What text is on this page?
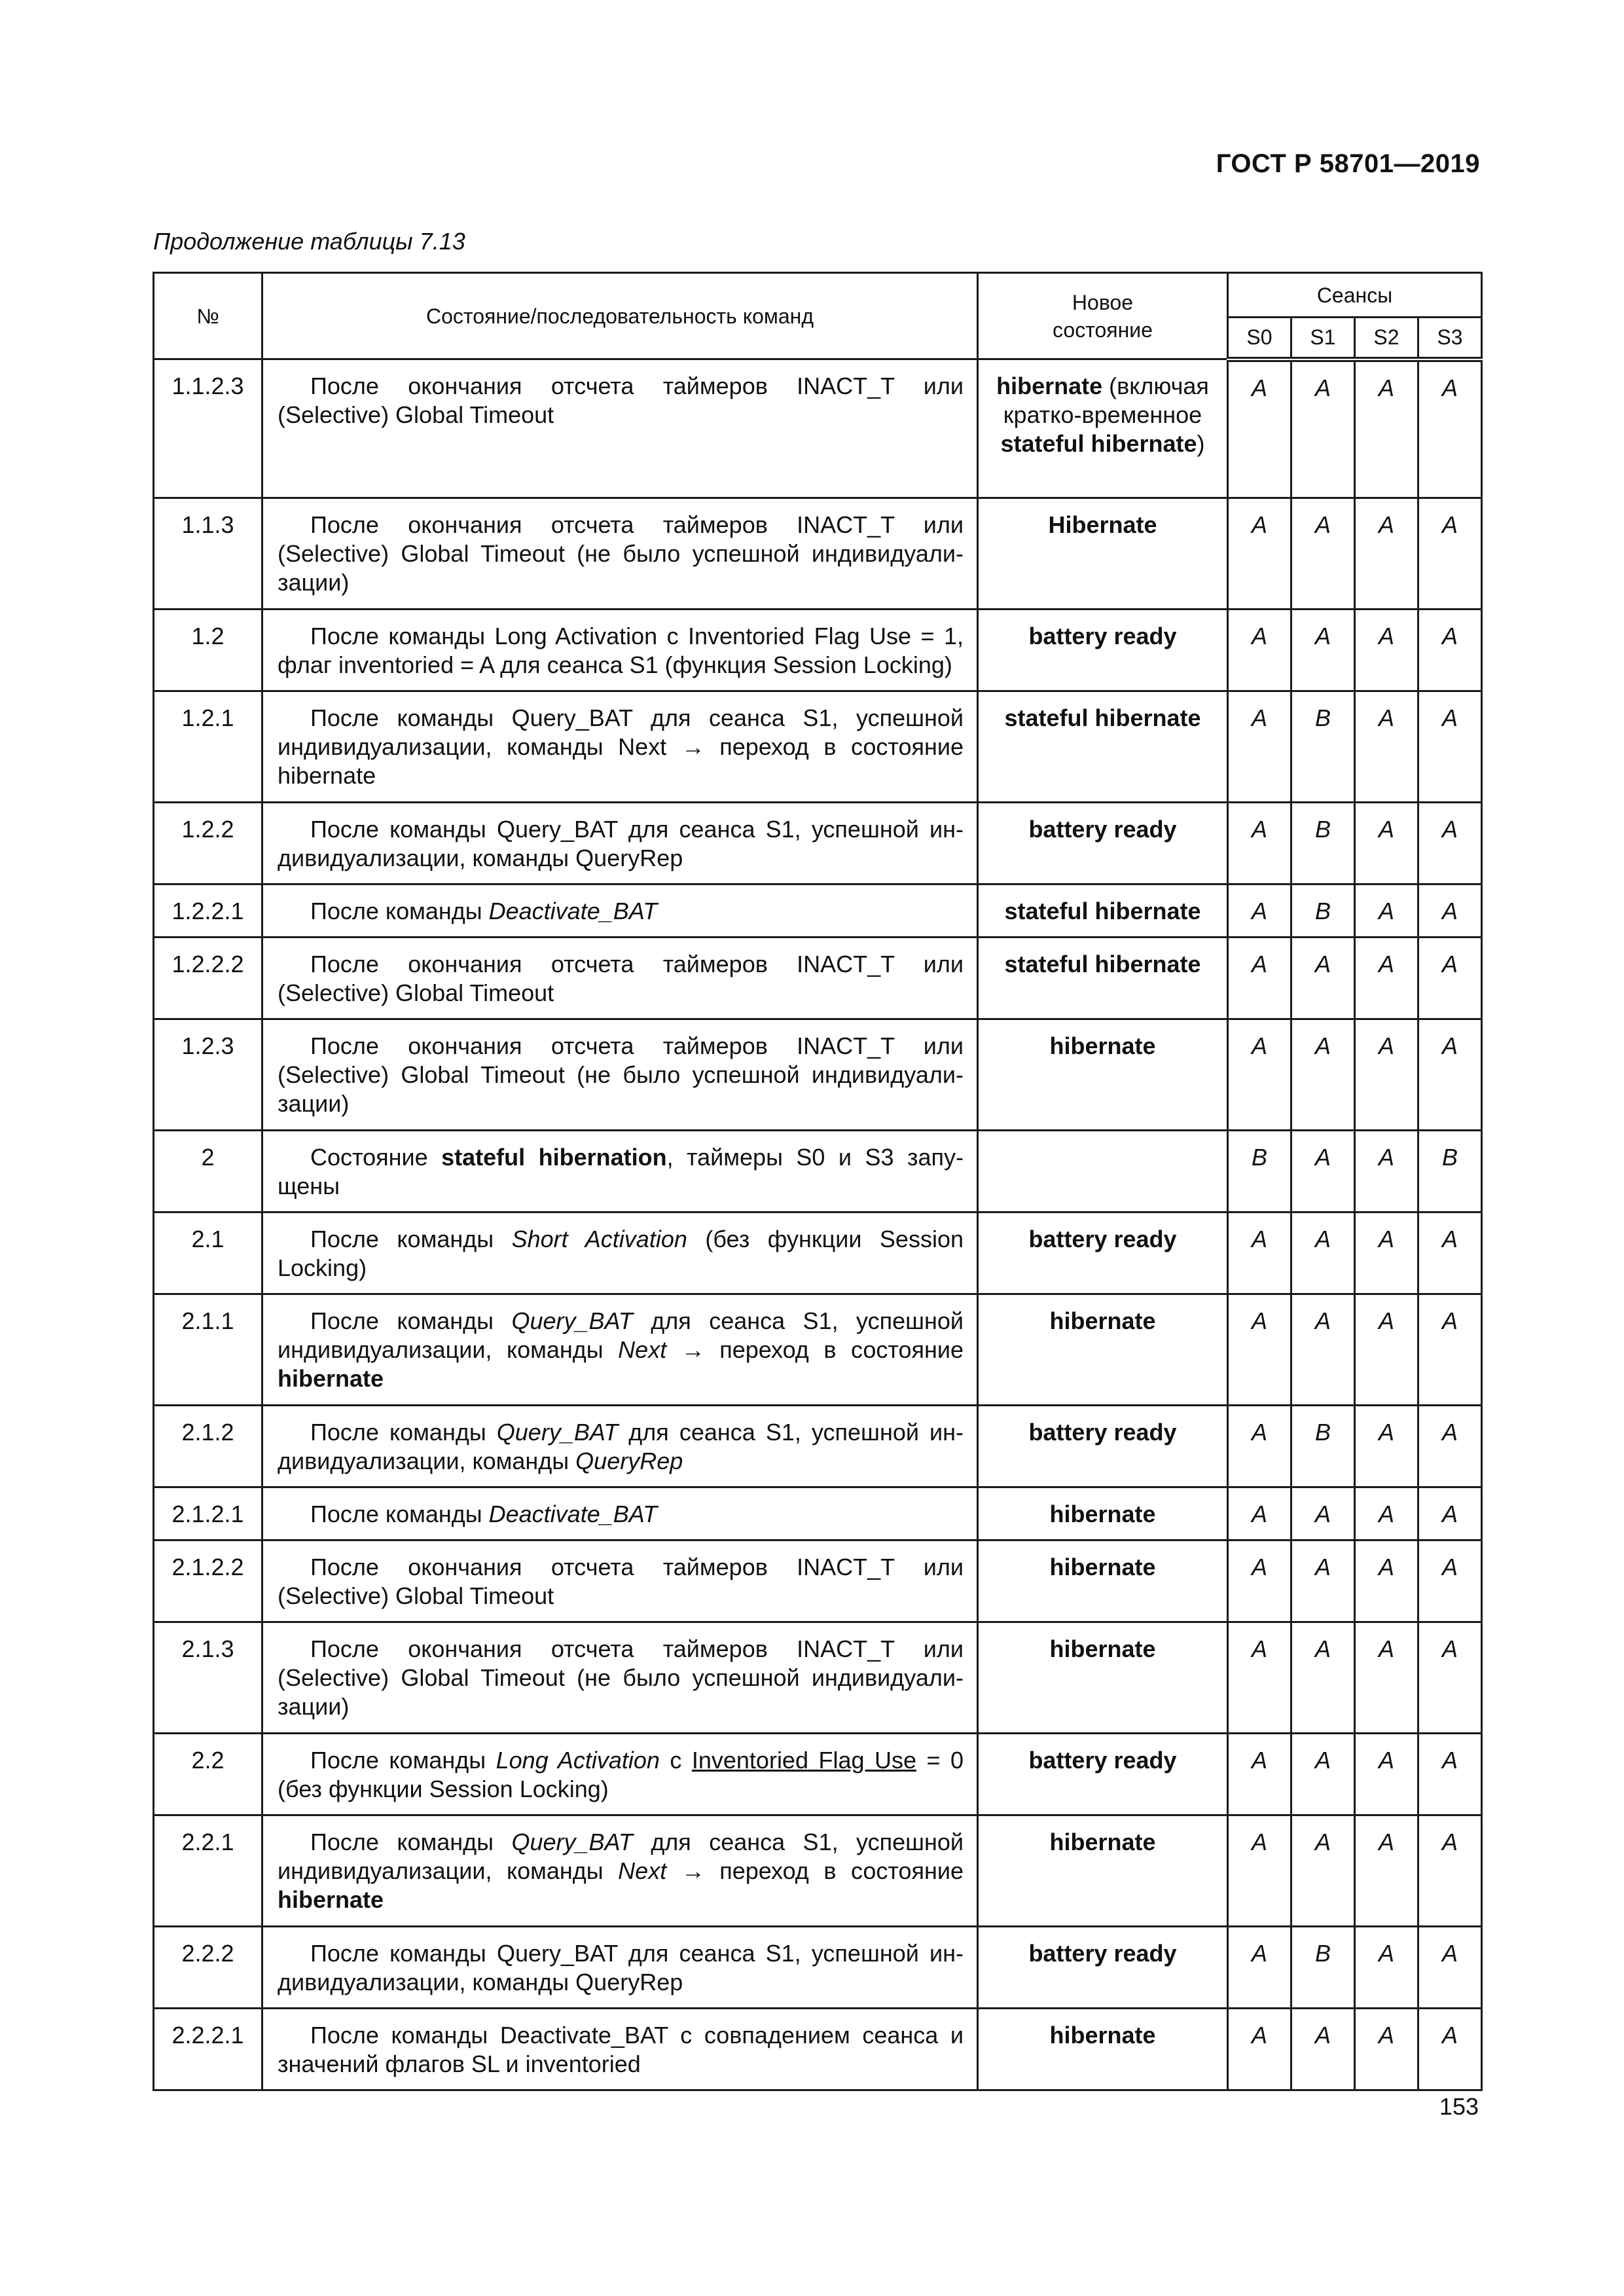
ГОСТ Р 58701—2019
Продолжение таблицы 7.13
№	Состояние/последовательность команд	Новое
состояние	Сеансы			
			S0	S1	S2	S3
1.1.2.3	После окончания отсчета таймеров INACT_T или (Selective) Global Timeout	hibernate (включая кратко-временное stateful hibernate)	A	A	A	A
1.1.3	После окончания отсчета таймеров INACT_T или (Selective) Global Timeout (не было успешной индивидуали-зации)	Hibernate	A	A	A	A
1.2	После команды Long Activation с Inventoried Flag Use = 1, флаг inventoried = A для сеанса S1 (функция Session Locking)	battery ready	A	A	A	A
1.2.1	После команды Query_BAT для сеанса S1, успешной индивидуализации, команды Next → переход в состояние hibernate	stateful hibernate	A	B	A	A
1.2.2	После команды Query_BAT для сеанса S1, успешной ин-дивидуализации, команды QueryRep	battery ready	A	B	A	A
1.2.2.1	После команды Deactivate_BAT	stateful hibernate	A	B	A	A
1.2.2.2	После окончания отсчета таймеров INACT_T или (Selective) Global Timeout	stateful hibernate	A	A	A	A
1.2.3	После окончания отсчета таймеров INACT_T или (Selective) Global Timeout (не было успешной индивидуали-зации)	hibernate	A	A	A	A
2	Состояние stateful hibernation, таймеры S0 и S3 запу-щены		B	A	A	B
2.1	После команды Short Activation (без функции Session Locking)	battery ready	A	A	A	A
2.1.1	После команды Query_BAT для сеанса S1, успешной индивидуализации, команды Next → переход в состояние hibernate	hibernate	A	A	A	A
2.1.2	После команды Query_BAT для сеанса S1, успешной ин-дивидуализации, команды QueryRep	battery ready	A	B	A	A
2.1.2.1	После команды Deactivate_BAT	hibernate	A	A	A	A
2.1.2.2	После окончания отсчета таймеров INACT_T или (Selective) Global Timeout	hibernate	A	A	A	A
2.1.3	После окончания отсчета таймеров INACT_T или (Selective) Global Timeout (не было успешной индивидуали-зации)	hibernate	A	A	A	A
2.2	После команды Long Activation с Inventoried Flag Use = 0 (без функции Session Locking)	battery ready	A	A	A	A
2.2.1	После команды Query_BAT для сеанса S1, успешной индивидуализации, команды Next → переход в состояние hibernate	hibernate	A	A	A	A
2.2.2	После команды Query_BAT для сеанса S1, успешной ин-дивидуализации, команды QueryRep	battery ready	A	B	A	A
2.2.2.1	После команды Deactivate_BAT с совпадением сеанса и значений флагов SL и inventoried	hibernate	A	A	A	A
153
